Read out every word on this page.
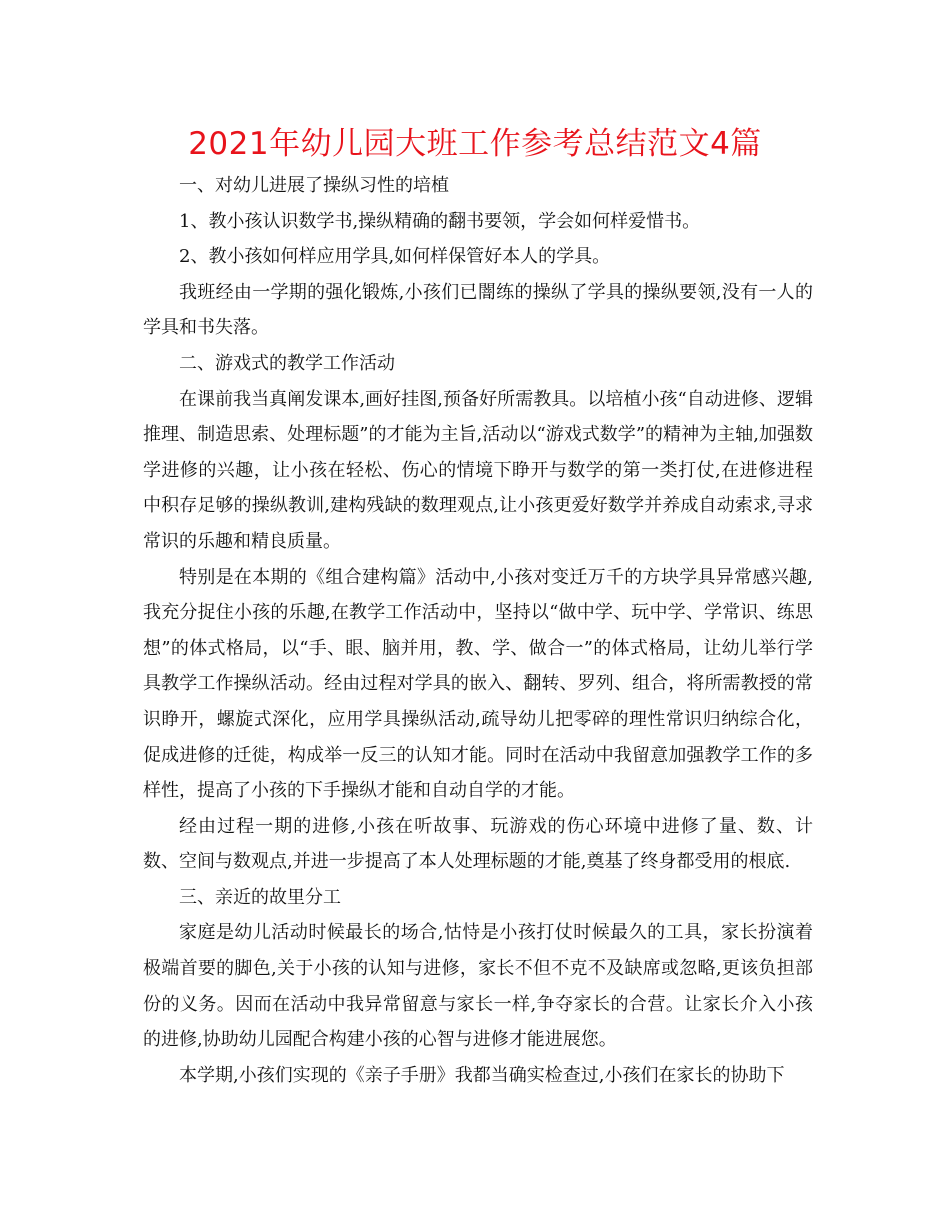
2021年幼儿园大班工作参考总结范文4篇

一、对幼儿进展了操纵习性的培植

1、教小孩认识数学书,操纵精确的翻书要领，学会如何样爱惜书。

2、教小孩如何样应用学具,如何样保管好本人的学具。

我班经由一学期的强化锻炼,小孩们已闇练的操纵了学具的操纵要领,没有一人的学具和书失落。

二、游戏式的教学工作活动

在课前我当真阐发课本,画好挂图,预备好所需教具。以培植小孩“自动进修、逻辑推理、制造思索、处理标题”的才能为主旨,活动以“游戏式数学”的精神为主轴,加强数学进修的兴趣，让小孩在轻松、伤心的情境下睁开与数学的第一类打仗,在进修进程中积存足够的操纵教训,建构残缺的数理观点,让小孩更爱好数学并养成自动索求,寻求常识的乐趣和精良质量。

特别是在本期的《组合建构篇》活动中,小孩对变迁万千的方块学具异常感兴趣,我充分捉住小孩的乐趣,在教学工作活动中，坚持以“做中学、玩中学、学常识、练思想”的体式格局，以“手、眼、脑并用，教、学、做合一”的体式格局，让幼儿举行学具教学工作操纵活动。经由过程对学具的嵌入、翻转、罗列、组合，将所需教授的常识睁开，螺旋式深化，应用学具操纵活动,疏导幼儿把零碎的理性常识归纳综合化，促成进修的迁徙，构成举一反三的认知才能。同时在活动中我留意加强教学工作的多样性，提高了小孩的下手操纵才能和自动自学的才能。

经由过程一期的进修,小孩在听故事、玩游戏的伤心环境中进修了量、数、计数、空间与数观点,并进一步提高了本人处理标题的才能,奠基了终身都受用的根底.

三、亲近的故里分工

家庭是幼儿活动时候最长的场合,怙恃是小孩打仗时候最久的工具，家长扮演着极端首要的脚色,关于小孩的认知与进修，家长不但不克不及缺席或忽略,更该负担部份的义务。因而在活动中我异常留意与家长一样,争夺家长的合营。让家长介入小孩的进修,协助幼儿园配合构建小孩的心智与进修才能进展您。

本学期,小孩们实现的《亲子手册》我都当确实检查过,小孩们在家长的协助下
